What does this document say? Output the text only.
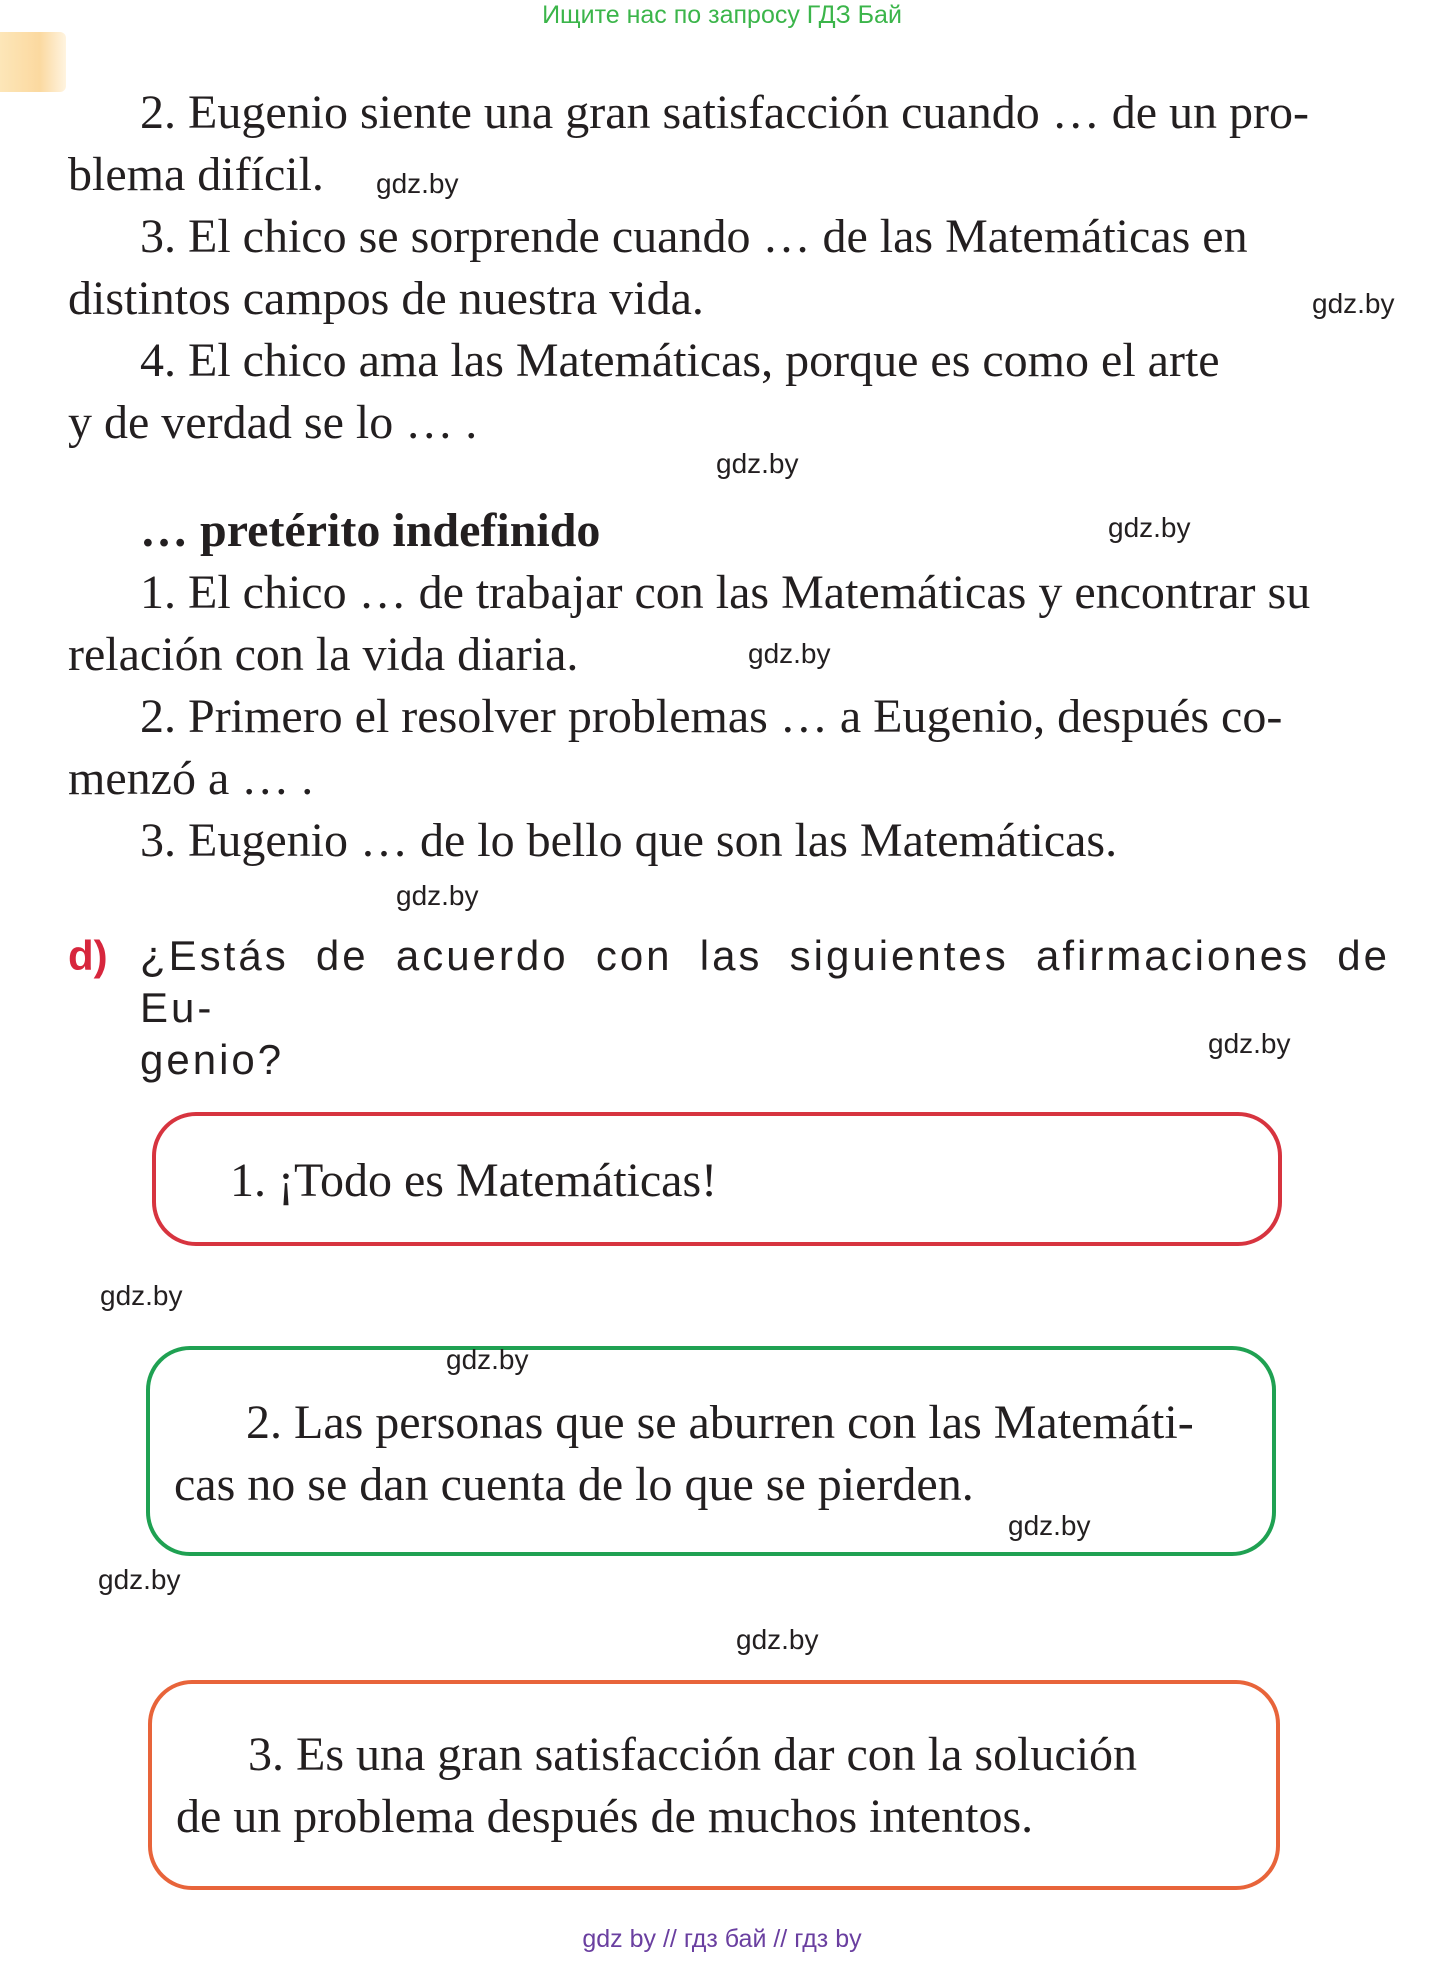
Ищите нас по запросу ГДЗ Бай
2. Eugenio siente una gran satisfacción cuando … de un pro-
blema difícil.
3. El chico se sorprende cuando … de las Matemáticas en
distintos campos de nuestra vida.
4. El chico ama las Matemáticas, porque es como el arte
y de verdad se lo … .
… pretérito indefinido
1. El chico … de trabajar con las Matemáticas y encontrar su
relación con la vida diaria.
2. Primero el resolver problemas … a Eugenio, después co-
menzó a … .
3. Eugenio … de lo bello que son las Matemáticas.
d) ¿Estás de acuerdo con las siguientes afirmaciones de Eu-
genio?
1. ¡Todo es Matemáticas!
2. Las personas que se aburren con las Matemáti-
cas no se dan cuenta de lo que se pierden.
3. Es una gran satisfacción dar con la solución
de un problema después de muchos intentos.
gdz.by
gdz.by
gdz.by
gdz.by
gdz.by
gdz.by
gdz.by
gdz.by
gdz.by
gdz.by
gdz.by
gdz.by
gdz by // гдз бай // гдз by
